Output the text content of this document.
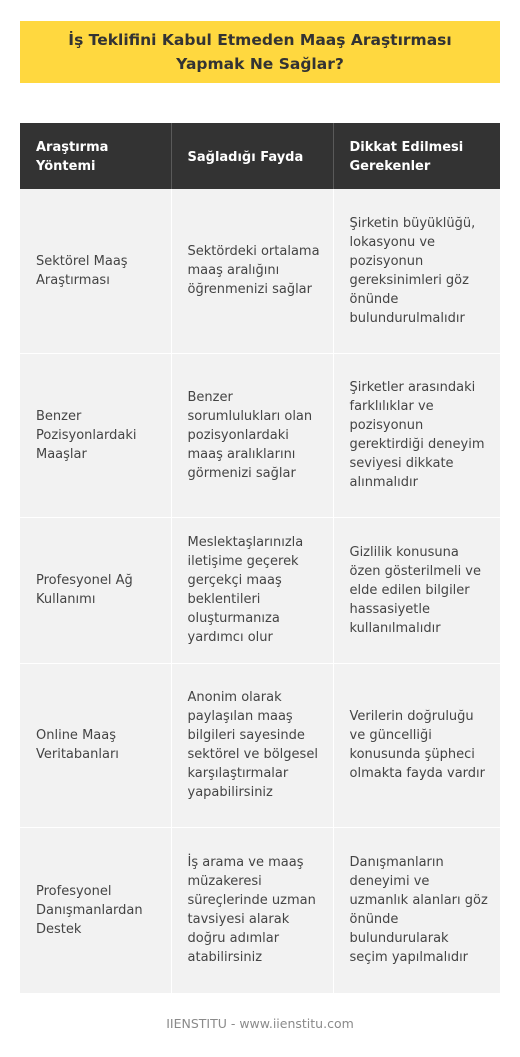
İş Teklifini Kabul Etmeden Maaş Araştırması Yapmak Ne Sağlar?
Araştırma Yöntemi	Sağladığı Fayda	Dikkat Edilmesi Gerekenler
Sektörel Maaş Araştırması	Sektördeki ortalama maaş aralığını öğrenmenizi sağlar	Şirketin büyüklüğü, lokasyonu ve pozisyonun gereksinimleri göz önünde bulundurulmalıdır
Benzer Pozisyonlardaki Maaşlar	Benzer sorumlulukları olan pozisyonlardaki maaş aralıklarını görmenizi sağlar	Şirketler arasındaki farklılıklar ve pozisyonun gerektirdiği deneyim seviyesi dikkate alınmalıdır
Profesyonel Ağ Kullanımı	Meslektaşlarınızla iletişime geçerek gerçekçi maaş beklentileri oluşturmanıza yardımcı olur	Gizlilik konusuna özen gösterilmeli ve elde edilen bilgiler hassasiyetle kullanılmalıdır
Online Maaş Veritabanları	Anonim olarak paylaşılan maaş bilgileri sayesinde sektörel ve bölgesel karşılaştırmalar yapabilirsiniz	Verilerin doğruluğu ve güncelliği konusunda şüpheci olmakta fayda vardır
Profesyonel Danışmanlardan Destek	İş arama ve maaş müzakeresi süreçlerinde uzman tavsiyesi alarak doğru adımlar atabilirsiniz	Danışmanların deneyimi ve uzmanlık alanları göz önünde bulundurularak seçim yapılmalıdır
IIENSTITU - www.iienstitu.com
